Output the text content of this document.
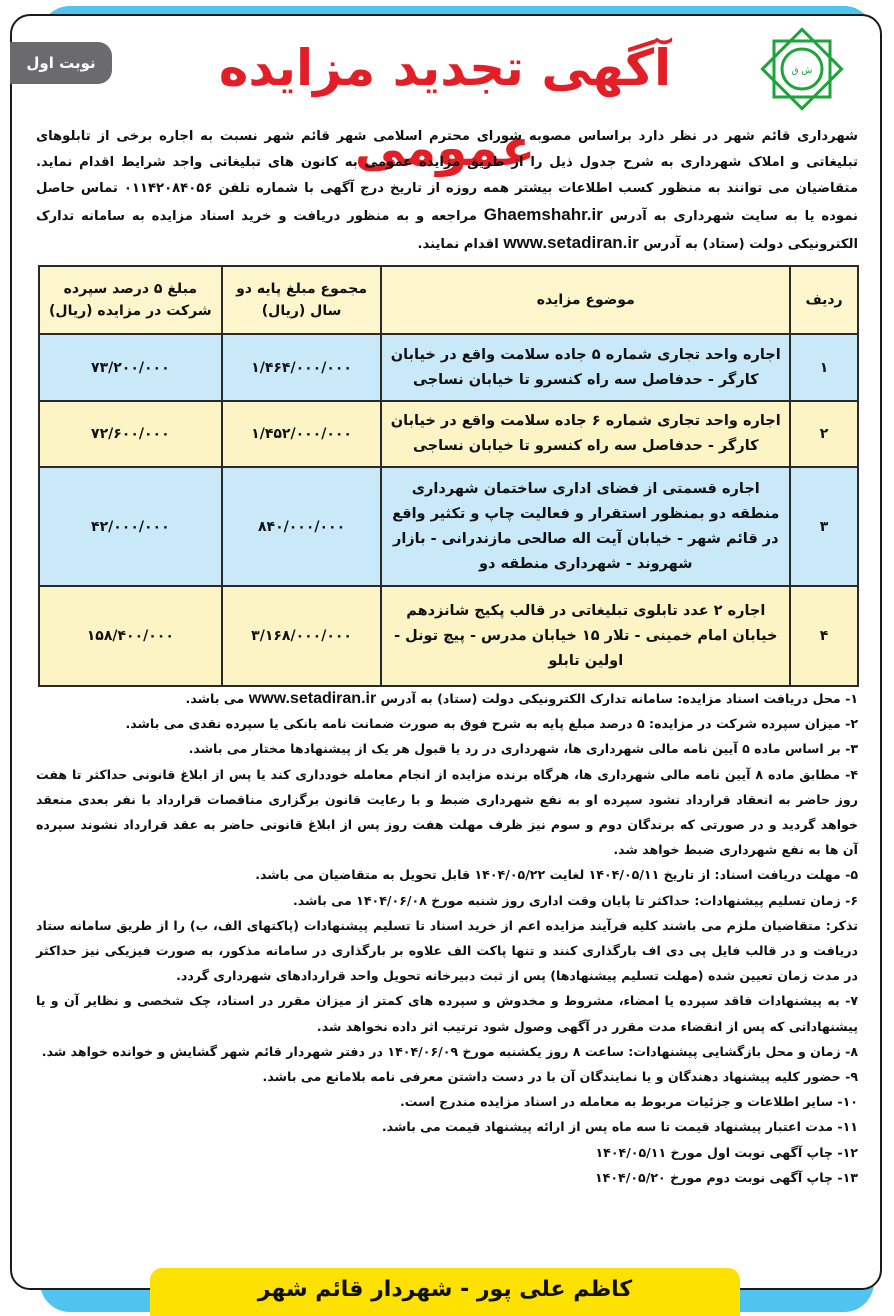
نوبت اول	آگهی تجدید مزایده عمومی
ش ق
شهرداری قائم شهر در نظر دارد براساس مصوبه شورای محترم اسلامی شهر قائم شهر نسبت به اجاره برخی از تابلوهای تبلیغاتی و املاک شهرداری به شرح جدول ذیل را از طریق مزایده عمومی به کانون های تبلیغاتی واجد شرایط اقدام نماید. متقاضیان می توانند به منظور کسب اطلاعات بیشتر همه روزه از تاریخ درج آگهی با شماره تلفن ۰۱۱۴۲۰۸۴۰۵۶ تماس حاصل نموده یا به سایت شهرداری به آدرس Ghaemshahr.ir مراجعه و به منظور دریافت و خرید اسناد مزایده به سامانه تدارک الکترونیکی دولت (ستاد) به آدرس www.setadiran.ir اقدام نمایند.
ردیف	موضوع مزایده	مجموع مبلغ پایه دو سال (ریال)	مبلغ ۵ درصد سپرده شرکت در مزایده (ریال)
۱	اجاره واحد تجاری شماره ۵ جاده سلامت واقع در خیابان کارگر - حدفاصل سه راه کنسرو تا خیابان نساجی	۱/۴۶۴/۰۰۰/۰۰۰	۷۳/۲۰۰/۰۰۰
۲	اجاره واحد تجاری شماره ۶ جاده سلامت واقع در خیابان کارگر - حدفاصل سه راه کنسرو تا خیابان نساجی	۱/۴۵۲/۰۰۰/۰۰۰	۷۲/۶۰۰/۰۰۰
۳	اجاره قسمتی از فضای اداری ساختمان شهرداری منطقه دو بمنظور استقرار و فعالیت چاپ و تکثیر واقع در قائم شهر - خیابان آیت اله صالحی مازندرانی - بازار شهروند - شهرداری منطقه دو	۸۴۰/۰۰۰/۰۰۰	۴۲/۰۰۰/۰۰۰
۴	اجاره ۲ عدد تابلوی تبلیغاتی در قالب پکیج شانزدهم خیابان امام خمینی - تلار ۱۵ خیابان مدرس - پیچ تونل - اولین تابلو	۳/۱۶۸/۰۰۰/۰۰۰	۱۵۸/۴۰۰/۰۰۰

۱- محل دریافت اسناد مزایده: سامانه تدارک الکترونیکی دولت (ستاد) به آدرس www.setadiran.ir می باشد.

۲- میزان سپرده شرکت در مزایده: ۵ درصد مبلغ پایه به شرح فوق به صورت ضمانت نامه بانکی یا سپرده نقدی می باشد.

۳- بر اساس ماده ۵ آیین نامه مالی شهرداری ها، شهرداری در رد یا قبول هر یک از پیشنهادها مختار می باشد.

۴- مطابق ماده ۸ آیین نامه مالی شهرداری ها، هرگاه برنده مزایده از انجام معامله خودداری کند یا پس از ابلاغ قانونی حداکثر تا هفت روز حاضر به انعقاد قرارداد نشود سپرده او به نفع شهرداری ضبط و با رعایت قانون برگزاری مناقصات قرارداد با نفر بعدی منعقد خواهد گردید و در صورتی که برندگان دوم و سوم نیز ظرف مهلت هفت روز پس از ابلاغ قانونی حاضر به عقد قرارداد نشوند سپرده آن ها به نفع شهرداری ضبط خواهد شد.

۵- مهلت دریافت اسناد: از تاریخ ۱۴۰۴/۰۵/۱۱ لغایت ۱۴۰۴/۰۵/۲۲ قابل تحویل به متقاضیان می باشد.

۶- زمان تسلیم پیشنهادات: حداکثر تا پایان وقت اداری روز شنبه مورخ ۱۴۰۴/۰۶/۰۸ می باشد.

تذکر: متقاضیان ملزم می باشند کلیه فرآیند مزایده اعم از خرید اسناد تا تسلیم پیشنهادات (پاکتهای الف، ب) را از طریق سامانه ستاد دریافت و در قالب فایل پی دی اف بارگذاری کنند و تنها پاکت الف علاوه بر بارگذاری در سامانه مذکور، به صورت فیزیکی نیز حداکثر در مدت زمان تعیین شده (مهلت تسلیم پیشنهادها) پس از ثبت دبیرخانه تحویل واحد قراردادهای شهرداری گردد.

۷- به پیشنهادات فاقد سپرده یا امضاء، مشروط و مخدوش و سپرده های کمتر از میزان مقرر در اسناد، چک شخصی و نظایر آن و یا پیشنهاداتی که پس از انقضاء مدت مقرر در آگهی وصول شود ترتیب اثر داده نخواهد شد.

۸- زمان و محل بازگشایی پیشنهادات: ساعت ۸ روز یکشنبه مورخ ۱۴۰۴/۰۶/۰۹ در دفتر شهردار قائم شهر گشایش و خوانده خواهد شد.

۹- حضور کلیه پیشنهاد دهندگان و یا نمایندگان آن با در دست داشتن معرفی نامه بلامانع می باشد.

۱۰- سایر اطلاعات و جزئیات مربوط به معامله در اسناد مزایده مندرج است.

۱۱- مدت اعتبار پیشنهاد قیمت تا سه ماه پس از ارائه پیشنهاد قیمت می باشد.

۱۲- چاپ آگهی نوبت اول مورخ ۱۴۰۴/۰۵/۱۱

۱۳- چاپ آگهی نوبت دوم مورخ ۱۴۰۴/۰۵/۲۰

کاظم علی پور - شهردار قائم شهر
